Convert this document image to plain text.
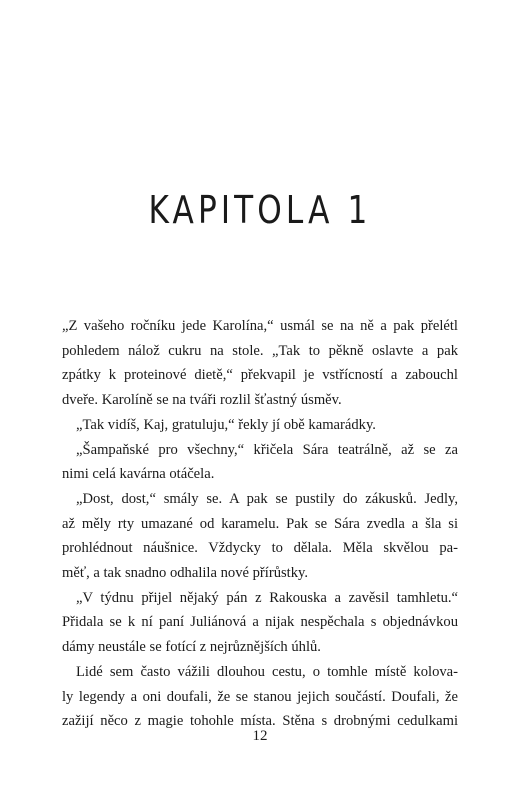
KAPITOLA 1

„Z vašeho ročníku jede Karolína,“ usmál se na ně a pak přelétl
pohledem nálož cukru na stole. „Tak to pěkně oslavte a pak
zpátky k proteinové dietě,“ překvapil je vstřícností a zabouchl
dveře. Karolíně se na tváři rozlil šťastný úsměv.

„Tak vidíš, Kaj, gratuluju,“ řekly jí obě kamarádky.

„Šampaňské pro všechny,“ křičela Sára teatrálně, až se za
nimi celá kavárna otáčela.

„Dost, dost,“ smály se. A pak se pustily do zákusků. Jedly,
až měly rty umazané od karamelu. Pak se Sára zvedla a šla si
prohlédnout náušnice. Vždycky to dělala. Měla skvělou pa-
měť, a tak snadno odhalila nové přírůstky.

„V týdnu přijel nějaký pán z Rakouska a zavěsil tamhletu.“
Přidala se k ní paní Juliánová a nijak nespěchala s objednávkou
dámy neustále se fotící z nejrůznějších úhlů.

Lidé sem často vážili dlouhou cestu, o tomhle místě kolova-
ly legendy a oni doufali, že se stanou jejich součástí. Doufali, že
zažijí něco z magie tohohle místa. Stěna s drobnými cedulkami

12
